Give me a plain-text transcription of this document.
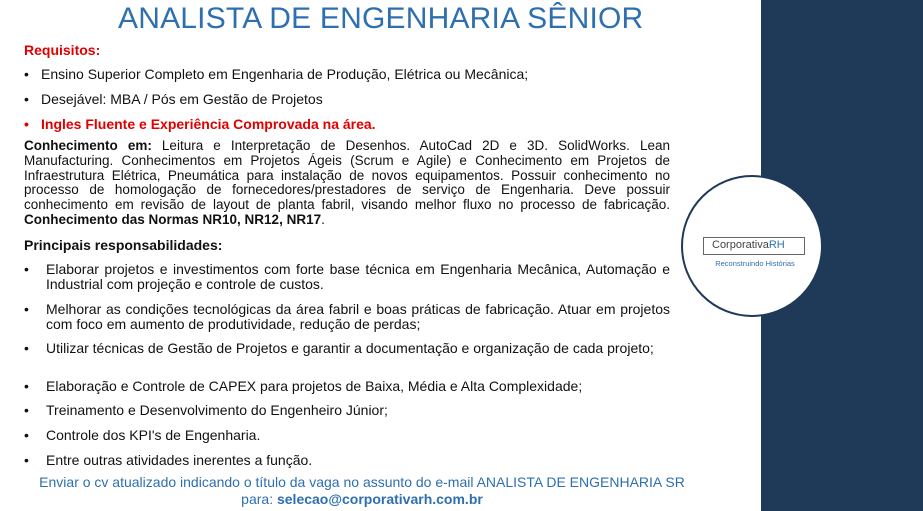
CorporativaRH
Reconstruindo Histórias
ANALISTA DE ENGENHARIA SÊNIOR
Requisitos:
• Ensino Superior Completo em Engenharia de Produção, Elétrica ou Mecânica;
• Desejável: MBA / Pós em Gestão de Projetos
• Ingles Fluente e Experiência Comprovada na área.
Conhecimento em: Leitura e Interpretação de Desenhos. AutoCad 2D e 3D. SolidWorks. Lean Manufacturing. Conhecimentos em Projetos Ágeis (Scrum e Agile) e Conhecimento em Projetos de Infraestrutura Elétrica, Pneumática para instalação de novos equipamentos. Possuir conhecimento no processo de homologação de fornecedores/prestadores de serviço de Engenharia. Deve possuir conhecimento em revisão de layout de planta fabril, visando melhor fluxo no processo de fabricação. Conhecimento das Normas NR10, NR12, NR17.
Principais responsabilidades:
• Elaborar projetos e investimentos com forte base técnica em Engenharia Mecânica, Automação e Industrial com projeção e controle de custos.
• Melhorar as condições tecnológicas da área fabril e boas práticas de fabricação. Atuar em projetos com foco em aumento de produtividade, redução de perdas;
• Utilizar técnicas de Gestão de Projetos e garantir a documentação e organização de cada projeto;
• Elaboração e Controle de CAPEX para projetos de Baixa, Média e Alta Complexidade;
• Treinamento e Desenvolvimento do Engenheiro Júnior;
• Controle dos KPI's de Engenharia.
• Entre outras atividades inerentes a função.
Enviar o cv atualizado indicando o título da vaga no assunto do e-mail ANALISTA DE ENGENHARIA SR para: selecao@corporativarh.com.br
